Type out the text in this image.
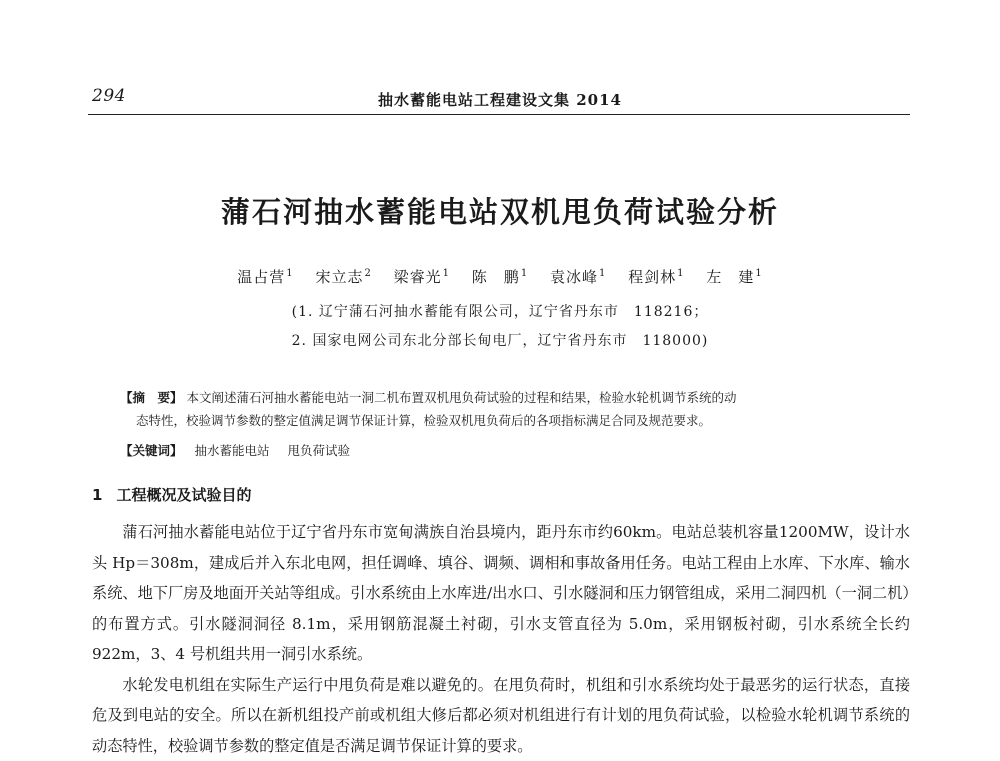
294	抽水蓄能电站工程建设文集 2014
蒲石河抽水蓄能电站双机甩负荷试验分析
温占营$^1$ 宋立志$^2$ 梁睿光$^1$ 陈　鹏$^1$ 袁冰峰$^1$ 程剑林$^1$ 左　建$^1$
(1. 辽宁蒲石河抽水蓄能有限公司，辽宁省丹东市　118216；
2. 国家电网公司东北分部长甸电厂，辽宁省丹东市　118000)
【摘　要】 本文阐述蒲石河抽水蓄能电站一洞二机布置双机甩负荷试验的过程和结果，检验水轮机调节系统的动
态特性，校验调节参数的整定值满足调节保证计算，检验双机甩负荷后的各项指标满足合同及规范要求。
【关键词】 抽水蓄能电站 甩负荷试验
1 工程概况及试验目的

蒲石河抽水蓄能电站位于辽宁省丹东市宽甸满族自治县境内，距丹东市约60km。电站总装机容量1200MW，设计水头 Hp＝308m，建成后并入东北电网，担任调峰、填谷、调频、调相和事故备用任务。电站工程由上水库、下水库、输水系统、地下厂房及地面开关站等组成。引水系统由上水库进/出水口、引水隧洞和压力钢管组成，采用二洞四机（一洞二机）的布置方式。引水隧洞洞径 8.1m，采用钢筋混凝土衬砌，引水支管直径为 5.0m，采用钢板衬砌，引水系统全长约 922m，3、4 号机组共用一洞引水系统。

水轮发电机组在实际生产运行中甩负荷是难以避免的。在甩负荷时，机组和引水系统均处于最恶劣的运行状态，直接危及到电站的安全。所以在新机组投产前或机组大修后都必须对机组进行有计划的甩负荷试验，以检验水轮机调节系统的动态特性，校验调节参数的整定值是否满足调节保证计算的要求。
